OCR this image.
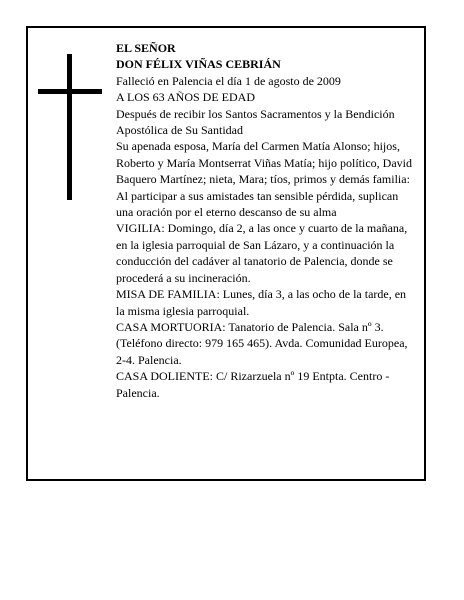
EL SEÑOR

DON FÉLIX VIÑAS CEBRIÁN

Falleció en Palencia el día 1 de agosto de 2009

A LOS 63 AÑOS DE EDAD

Después de recibir los Santos Sacramentos y la Bendición Apostólica de Su Santidad

Su apenada esposa, María del Carmen Matía Alonso; hijos, Roberto y María Montserrat Viñas Matía; hijo político, David Baquero Martínez; nieta, Mara; tíos, primos y demás familia:

Al participar a sus amistades tan sensible pérdida, suplican una oración por el eterno descanso de su alma

VIGILIA: Domingo, día 2, a las once y cuarto de la mañana, en la iglesia parroquial de San Lázaro, y a continuación la conducción del cadáver al tanatorio de Palencia, donde se procederá a su incineración.

MISA DE FAMILIA: Lunes, día 3, a las ocho de la tarde, en la misma iglesia parroquial.

CASA MORTUORIA: Tanatorio de Palencia. Sala nº 3. (Teléfono directo: 979 165 465). Avda. Comunidad Europea, 2-4. Palencia.

CASA DOLIENTE: C/ Rizarzuela nº 19 Entpta. Centro - Palencia.
